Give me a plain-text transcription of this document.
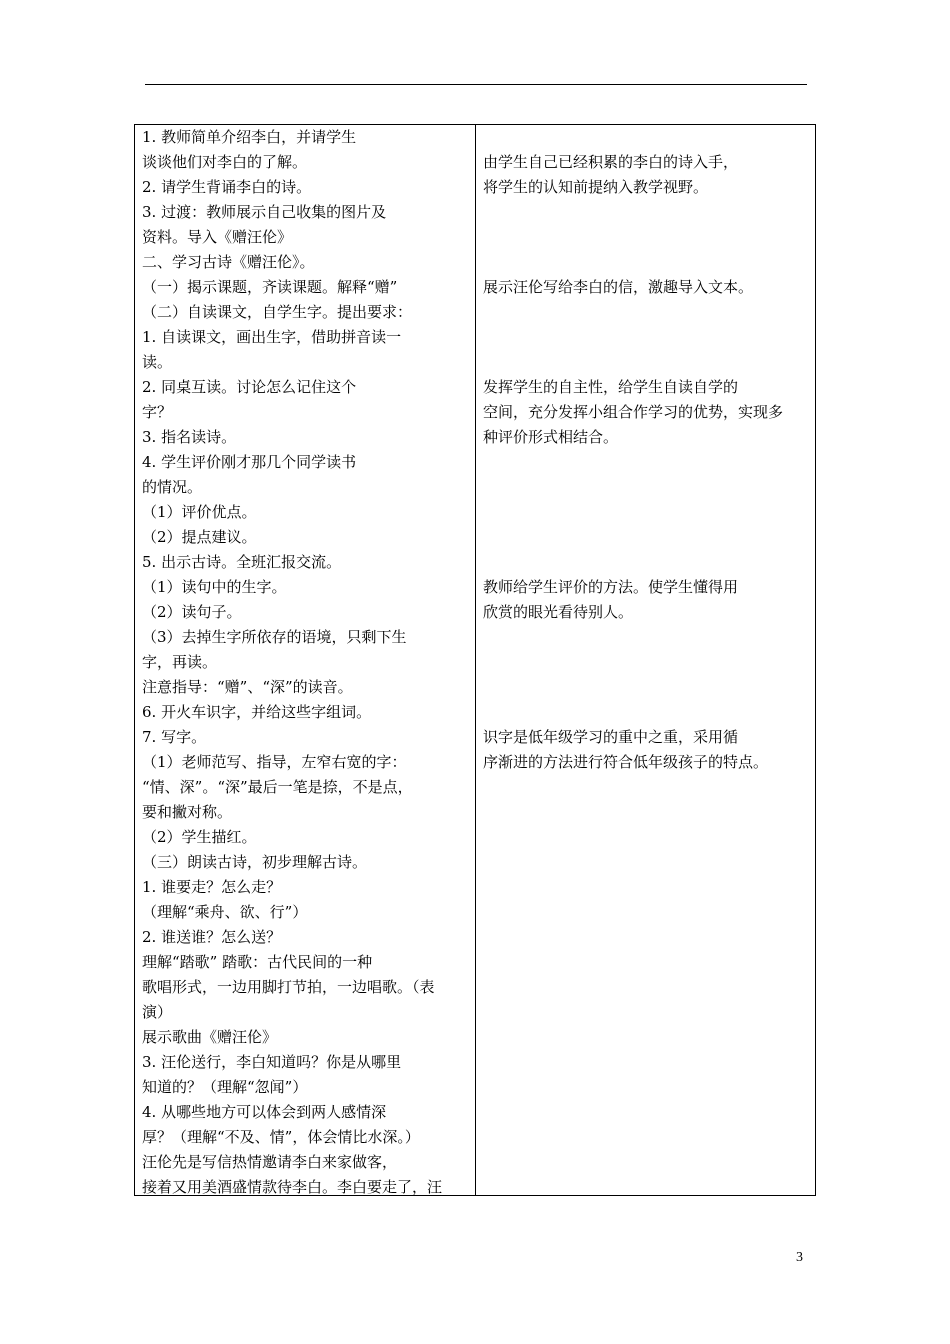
1. 教师简单介绍李白，并请学生
谈谈他们对李白的了解。
2. 请学生背诵李白的诗。
3. 过渡：教师展示自己收集的图片及
资料。导入《赠汪伦》
二、学习古诗《赠汪伦》。
（一）揭示课题，齐读课题。解释“赠”
（二）自读课文，自学生字。提出要求：
1. 自读课文，画出生字，借助拼音读一
读。
2. 同桌互读。讨论怎么记住这个
字？
3. 指名读诗。
4. 学生评价刚才那几个同学读书
的情况。
（1）评价优点。
（2）提点建议。
5. 出示古诗。全班汇报交流。
（1）读句中的生字。
（2）读句子。
（3）去掉生字所依存的语境，只剩下生
字，再读。
注意指导：“赠”、“深”的读音。
6. 开火车识字，并给这些字组词。
7. 写字。
（1）老师范写、指导，左窄右宽的字：
“情、深”。“深”最后一笔是捺，不是点，
要和撇对称。
（2）学生描红。
（三）朗读古诗，初步理解古诗。
1. 谁要走？怎么走？
（理解“乘舟、欲、行”）
2. 谁送谁？怎么送？
理解“踏歌” 踏歌：古代民间的一种
歌唱形式，一边用脚打节拍，一边唱歌。（表
演）
展示歌曲《赠汪伦》
3. 汪伦送行，李白知道吗？你是从哪里
知道的？（理解“忽闻”）
4. 从哪些地方可以体会到两人感情深
厚？（理解“不及、情”，体会情比水深。）
汪伦先是写信热情邀请李白来家做客，
接着又用美酒盛情款待李白。李白要走了，汪
由学生自己已经积累的李白的诗入手，
将学生的认知前提纳入教学视野。
展示汪伦写给李白的信，激趣导入文本。
发挥学生的自主性，给学生自读自学的
空间，充分发挥小组合作学习的优势，实现多
种评价形式相结合。
教师给学生评价的方法。使学生懂得用
欣赏的眼光看待别人。
识字是低年级学习的重中之重，采用循
序渐进的方法进行符合低年级孩子的特点。
3
